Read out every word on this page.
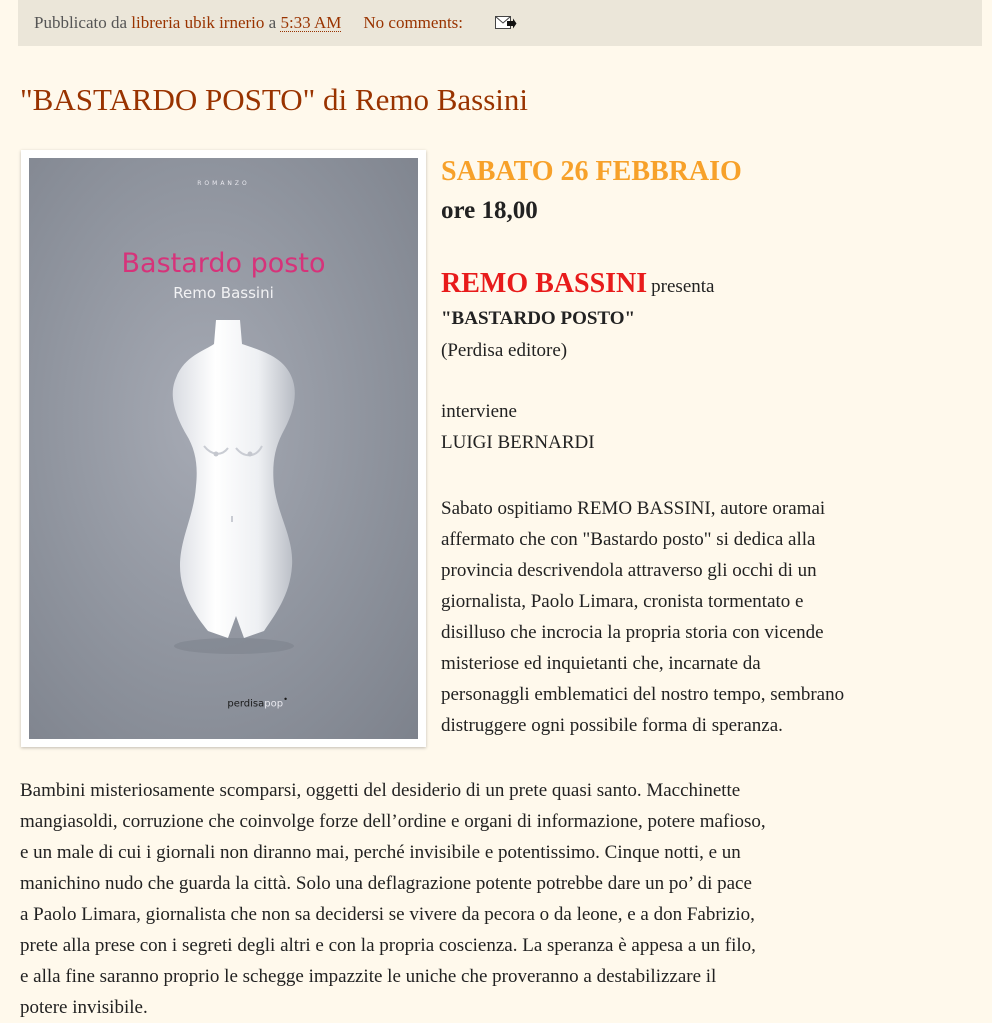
Pubblicato da
libreria ubik irnerio
a
5:33 AM No comments:
"BASTARDO POSTO" di Remo Bassini
ROMANZO
Bastardo posto
Remo Bassini
perdisapop•
SABATO 26 FEBBRAIO
ore 18,00
REMO BASSINI presenta
"BASTARDO POSTO"
(Perdisa editore)
interviene
LUIGI BERNARDI
Sabato ospitiamo REMO BASSINI, autore oramai
affermato che con "Bastardo posto" si dedica alla
provincia descrivendola attraverso gli occhi di un
giornalista, Paolo Limara, cronista tormentato e
disilluso che incrocia la propria storia con vicende
misteriose ed inquietanti che, incarnate da
personaggli emblematici del nostro tempo, sembrano
distruggere ogni possibile forma di speranza.
Bambini misteriosamente scomparsi, oggetti del desiderio di un prete quasi santo. Macchinette
mangiasoldi, corruzione che coinvolge forze dell’ordine e organi di informazione, potere mafioso,
e un male di cui i giornali non diranno mai, perché invisibile e potentissimo. Cinque notti, e un
manichino nudo che guarda la città. Solo una deflagrazione potente potrebbe dare un po’ di pace
a Paolo Limara, giornalista che non sa decidersi se vivere da pecora o da leone, e a don Fabrizio,
prete alla prese con i segreti degli altri e con la propria coscienza. La speranza è appesa a un filo,
e alla fine saranno proprio le schegge impazzite le uniche che proveranno a destabilizzare il
potere invisibile.
